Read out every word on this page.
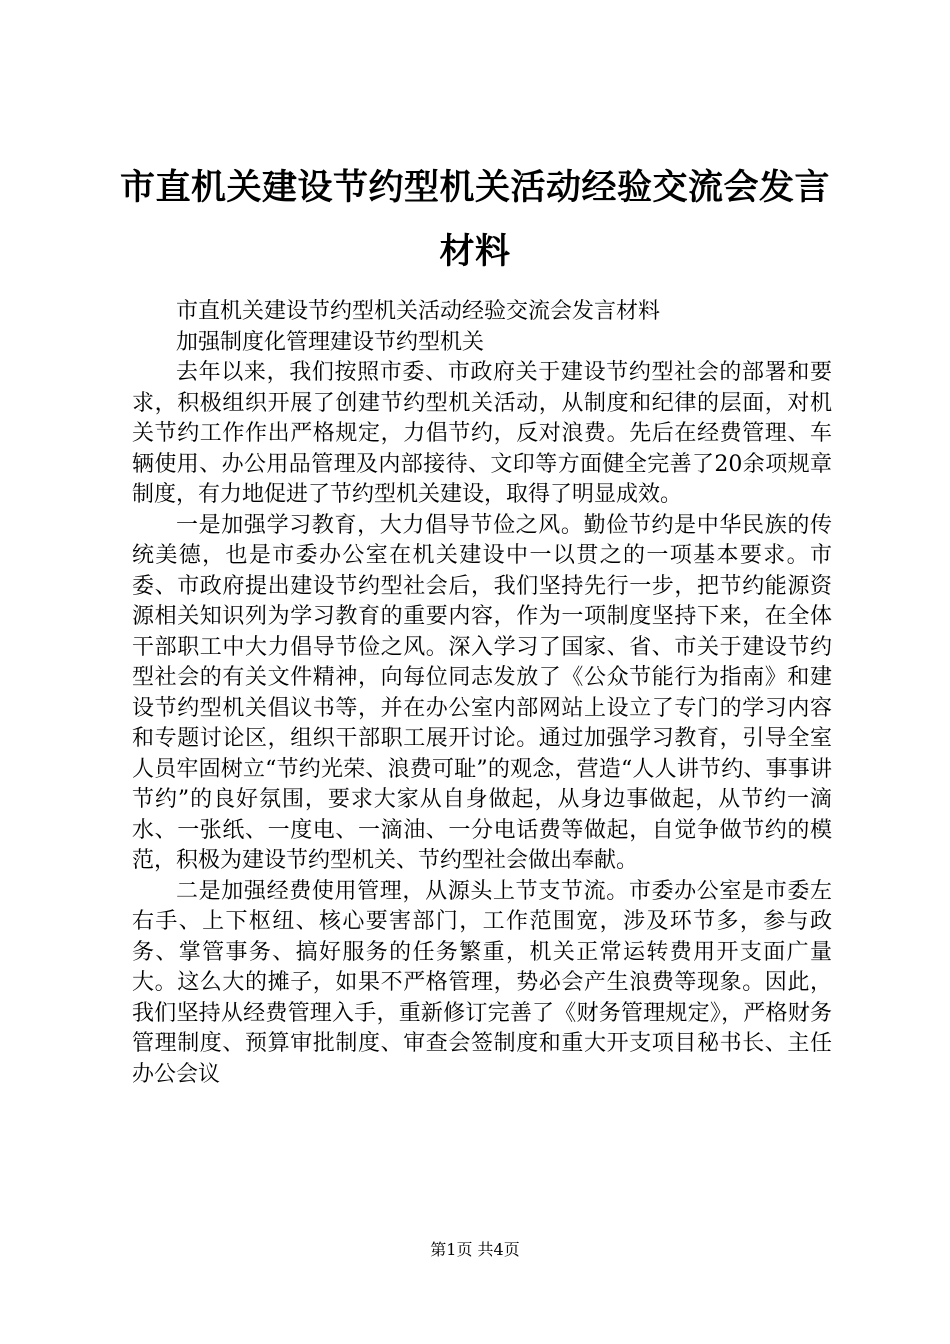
市直机关建设节约型机关活动经验交流会发言材料

市直机关建设节约型机关活动经验交流会发言材料

加强制度化管理建设节约型机关

去年以来，我们按照市委、市政府关于建设节约型社会的部署和要求，积极组织开展了创建节约型机关活动，从制度和纪律的层面，对机关节约工作作出严格规定，力倡节约，反对浪费。先后在经费管理、车辆使用、办公用品管理及内部接待、文印等方面健全完善了20余项规章制度，有力地促进了节约型机关建设，取得了明显成效。

一是加强学习教育，大力倡导节俭之风。勤俭节约是中华民族的传统美德，也是市委办公室在机关建设中一以贯之的一项基本要求。市委、市政府提出建设节约型社会后，我们坚持先行一步，把节约能源资源相关知识列为学习教育的重要内容，作为一项制度坚持下来，在全体干部职工中大力倡导节俭之风。深入学习了国家、省、市关于建设节约型社会的有关文件精神，向每位同志发放了《公众节能行为指南》和建设节约型机关倡议书等，并在办公室内部网站上设立了专门的学习内容和专题讨论区，组织干部职工展开讨论。通过加强学习教育，引导全室人员牢固树立“节约光荣、浪费可耻”的观念，营造“人人讲节约、事事讲节约”的良好氛围，要求大家从自身做起，从身边事做起，从节约一滴水、一张纸、一度电、一滴油、一分电话费等做起，自觉争做节约的模范，积极为建设节约型机关、节约型社会做出奉献。

二是加强经费使用管理，从源头上节支节流。市委办公室是市委左右手、上下枢纽、核心要害部门，工作范围宽，涉及环节多，参与政务、掌管事务、搞好服务的任务繁重，机关正常运转费用开支面广量大。这么大的摊子，如果不严格管理，势必会产生浪费等现象。因此，我们坚持从经费管理入手，重新修订完善了《财务管理规定》，严格财务管理制度、预算审批制度、审查会签制度和重大开支项目秘书长、主任办公会议

第1页 共4页
